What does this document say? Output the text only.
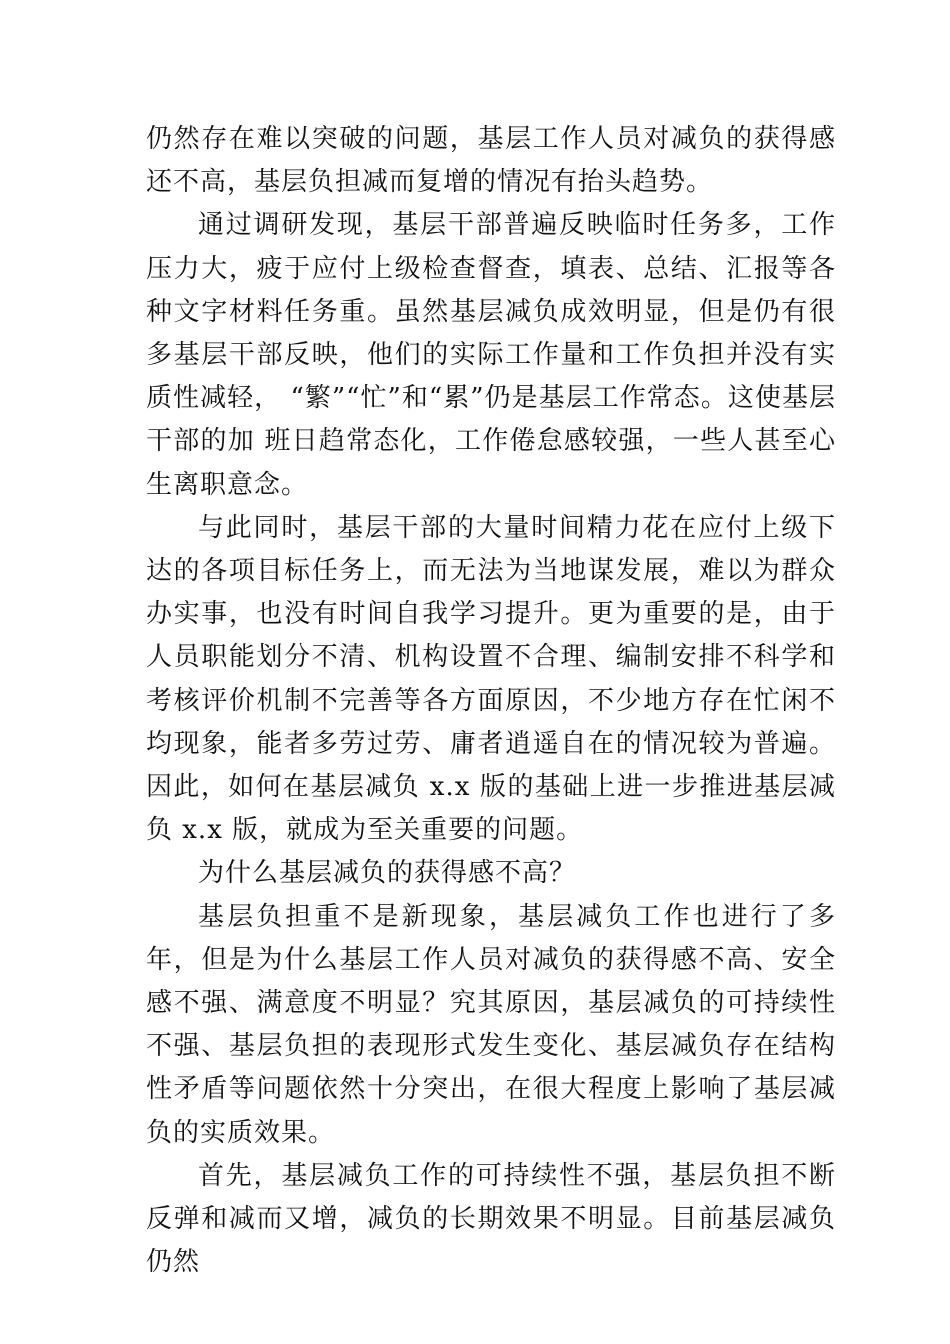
仍然存在难以突破的问题，基层工作人员对减负的获得感还不高，基层负担减而复增的情况有抬头趋势。

通过调研发现，基层干部普遍反映临时任务多，工作压力大，疲于应付上级检查督查，填表、总结、汇报等各种文字材料任务重。虽然基层减负成效明显，但是仍有很多基层干部反映，他们的实际工作量和工作负担并没有实质性减轻， “繁”“忙”和“累”仍是基层工作常态。这使基层干部的加 班日趋常态化，工作倦怠感较强，一些人甚至心生离职意念。

与此同时，基层干部的大量时间精力花在应付上级下达的各项目标任务上，而无法为当地谋发展，难以为群众办实事，也没有时间自我学习提升。更为重要的是，由于人员职能划分不清、机构设置不合理、编制安排不科学和考核评价机制不完善等各方面原因，不少地方存在忙闲不均现象，能者多劳过劳、庸者逍遥自在的情况较为普遍。因此，如何在基层减负 x.x 版的基础上进一步推进基层减负 x.x 版，就成为至关重要的问题。

为什么基层减负的获得感不高？

基层负担重不是新现象，基层减负工作也进行了多年，但是为什么基层工作人员对减负的获得感不高、安全感不强、满意度不明显？究其原因，基层减负的可持续性不强、基层负担的表现形式发生变化、基层减负存在结构性矛盾等问题依然十分突出，在很大程度上影响了基层减负的实质效果。

首先，基层减负工作的可持续性不强，基层负担不断反弹和减而又增，减负的长期效果不明显。目前基层减负仍然
